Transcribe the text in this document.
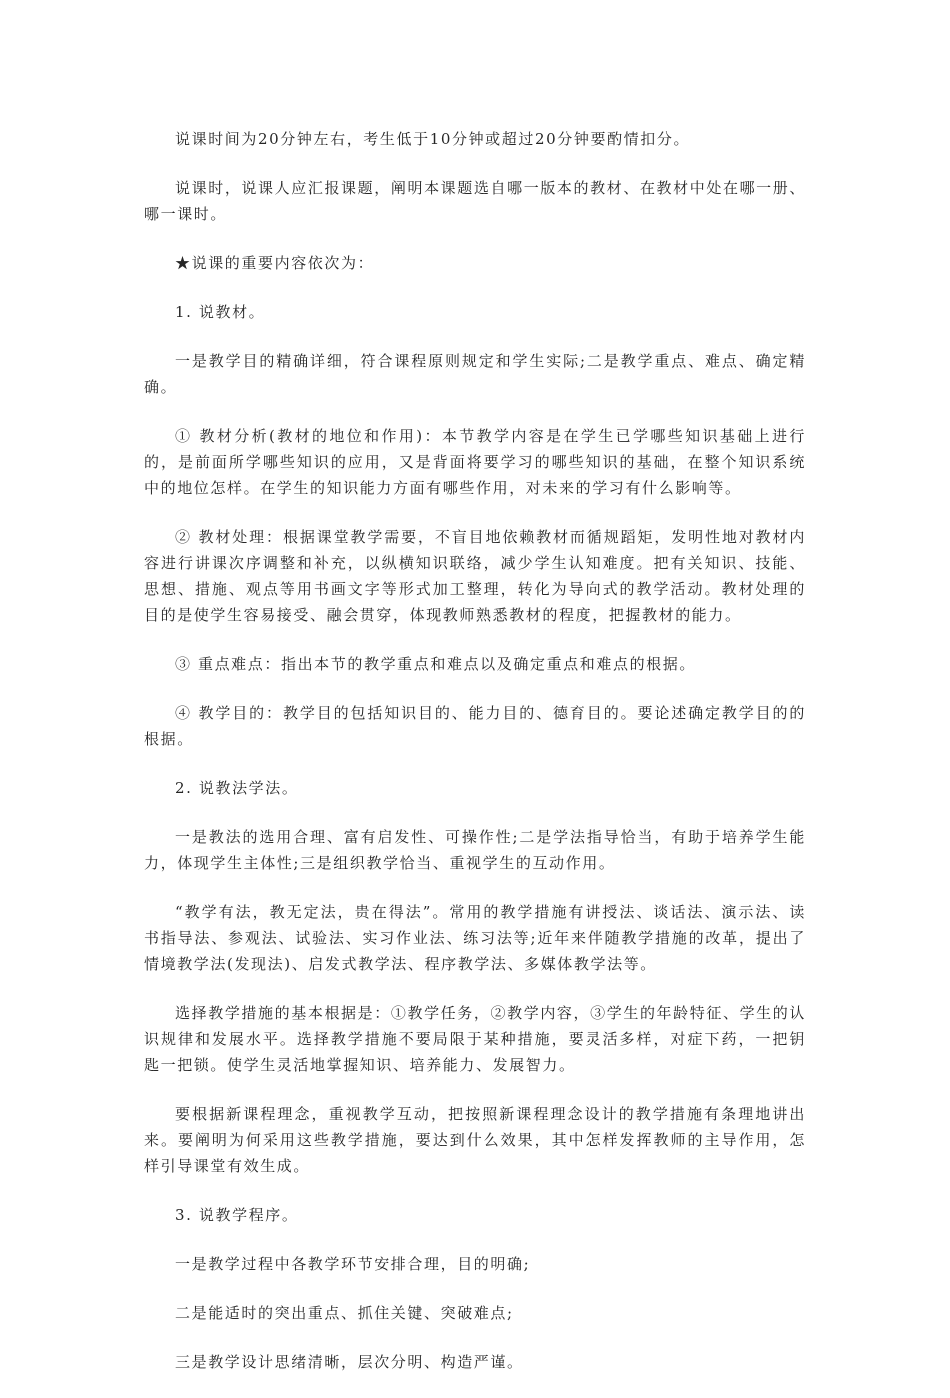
说课时间为20分钟左右，考生低于10分钟或超过20分钟要酌情扣分。

说课时，说课人应汇报课题，阐明本课题选自哪一版本的教材、在教材中处在哪一册、哪一课时。

★说课的重要内容依次为：

1. 说教材。

一是教学目的精确详细，符合课程原则规定和学生实际;二是教学重点、难点、确定精确。

① 教材分析(教材的地位和作用)：本节教学内容是在学生已学哪些知识基础上进行的，是前面所学哪些知识的应用，又是背面将要学习的哪些知识的基础，在整个知识系统中的地位怎样。在学生的知识能力方面有哪些作用，对未来的学习有什么影响等。

② 教材处理：根据课堂教学需要，不盲目地依赖教材而循规蹈矩，发明性地对教材内容进行讲课次序调整和补充，以纵横知识联络，减少学生认知难度。把有关知识、技能、思想、措施、观点等用书画文字等形式加工整理，转化为导向式的教学活动。教材处理的目的是使学生容易接受、融会贯穿，体现教师熟悉教材的程度，把握教材的能力。

③ 重点难点：指出本节的教学重点和难点以及确定重点和难点的根据。

④ 教学目的：教学目的包括知识目的、能力目的、德育目的。要论述确定教学目的的根据。

2. 说教法学法。

一是教法的选用合理、富有启发性、可操作性;二是学法指导恰当，有助于培养学生能力，体现学生主体性;三是组织教学恰当、重视学生的互动作用。

“教学有法，教无定法，贵在得法”。常用的教学措施有讲授法、谈话法、演示法、读书指导法、参观法、试验法、实习作业法、练习法等;近年来伴随教学措施的改革，提出了情境教学法(发现法)、启发式教学法、程序教学法、多媒体教学法等。

选择教学措施的基本根据是：①教学任务，②教学内容，③学生的年龄特征、学生的认识规律和发展水平。选择教学措施不要局限于某种措施，要灵活多样，对症下药，一把钥匙一把锁。使学生灵活地掌握知识、培养能力、发展智力。

要根据新课程理念，重视教学互动，把按照新课程理念设计的教学措施有条理地讲出来。要阐明为何采用这些教学措施，要达到什么效果，其中怎样发挥教师的主导作用，怎样引导课堂有效生成。

3. 说教学程序。

一是教学过程中各教学环节安排合理，目的明确;

二是能适时的突出重点、抓住关键、突破难点;

三是教学设计思绪清晰，层次分明、构造严谨。
